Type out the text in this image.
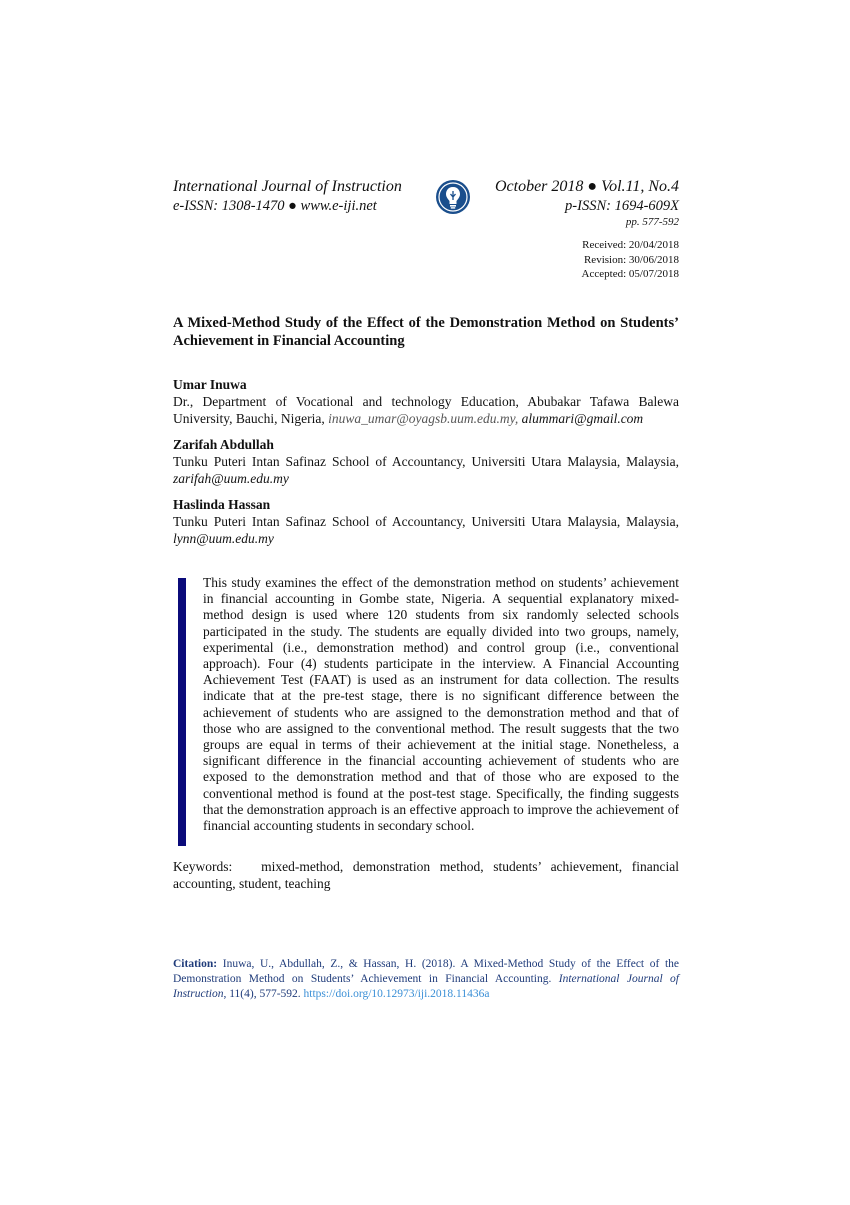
International Journal of Instruction
e-ISSN: 1308-1470 ● www.e-iji.net
October 2018 ● Vol.11, No.4
p-ISSN: 1694-609X
pp. 577-592
Received: 20/04/2018
Revision: 30/06/2018
Accepted: 05/07/2018
A Mixed-Method Study of the Effect of the Demonstration Method on Students’ Achievement in Financial Accounting
Umar Inuwa
Dr., Department of Vocational and technology Education, Abubakar Tafawa Balewa University, Bauchi, Nigeria, inuwa_umar@oyagsb.uum.edu.my, alummari@gmail.com
Zarifah Abdullah
Tunku Puteri Intan Safinaz School of Accountancy, Universiti Utara Malaysia, Malaysia, zarifah@uum.edu.my
Haslinda Hassan
Tunku Puteri Intan Safinaz School of Accountancy, Universiti Utara Malaysia, Malaysia, lynn@uum.edu.my
This study examines the effect of the demonstration method on students’ achievement in financial accounting in Gombe state, Nigeria. A sequential explanatory mixed-method design is used where 120 students from six randomly selected schools participated in the study. The students are equally divided into two groups, namely, experimental (i.e., demonstration method) and control group (i.e., conventional approach). Four (4) students participate in the interview. A Financial Accounting Achievement Test (FAAT) is used as an instrument for data collection. The results indicate that at the pre-test stage, there is no significant difference between the achievement of students who are assigned to the demonstration method and that of those who are assigned to the conventional method. The result suggests that the two groups are equal in terms of their achievement at the initial stage. Nonetheless, a significant difference in the financial accounting achievement of students who are exposed to the demonstration method and that of those who are exposed to the conventional method is found at the post-test stage. Specifically, the finding suggests that the demonstration approach is an effective approach to improve the achievement of financial accounting students in secondary school.
Keywords: mixed-method, demonstration method, students’ achievement, financial accounting, student, teaching
Citation: Inuwa, U., Abdullah, Z., & Hassan, H. (2018). A Mixed-Method Study of the Effect of the Demonstration Method on Students’ Achievement in Financial Accounting. International Journal of Instruction, 11(4), 577-592. https://doi.org/10.12973/iji.2018.11436a
